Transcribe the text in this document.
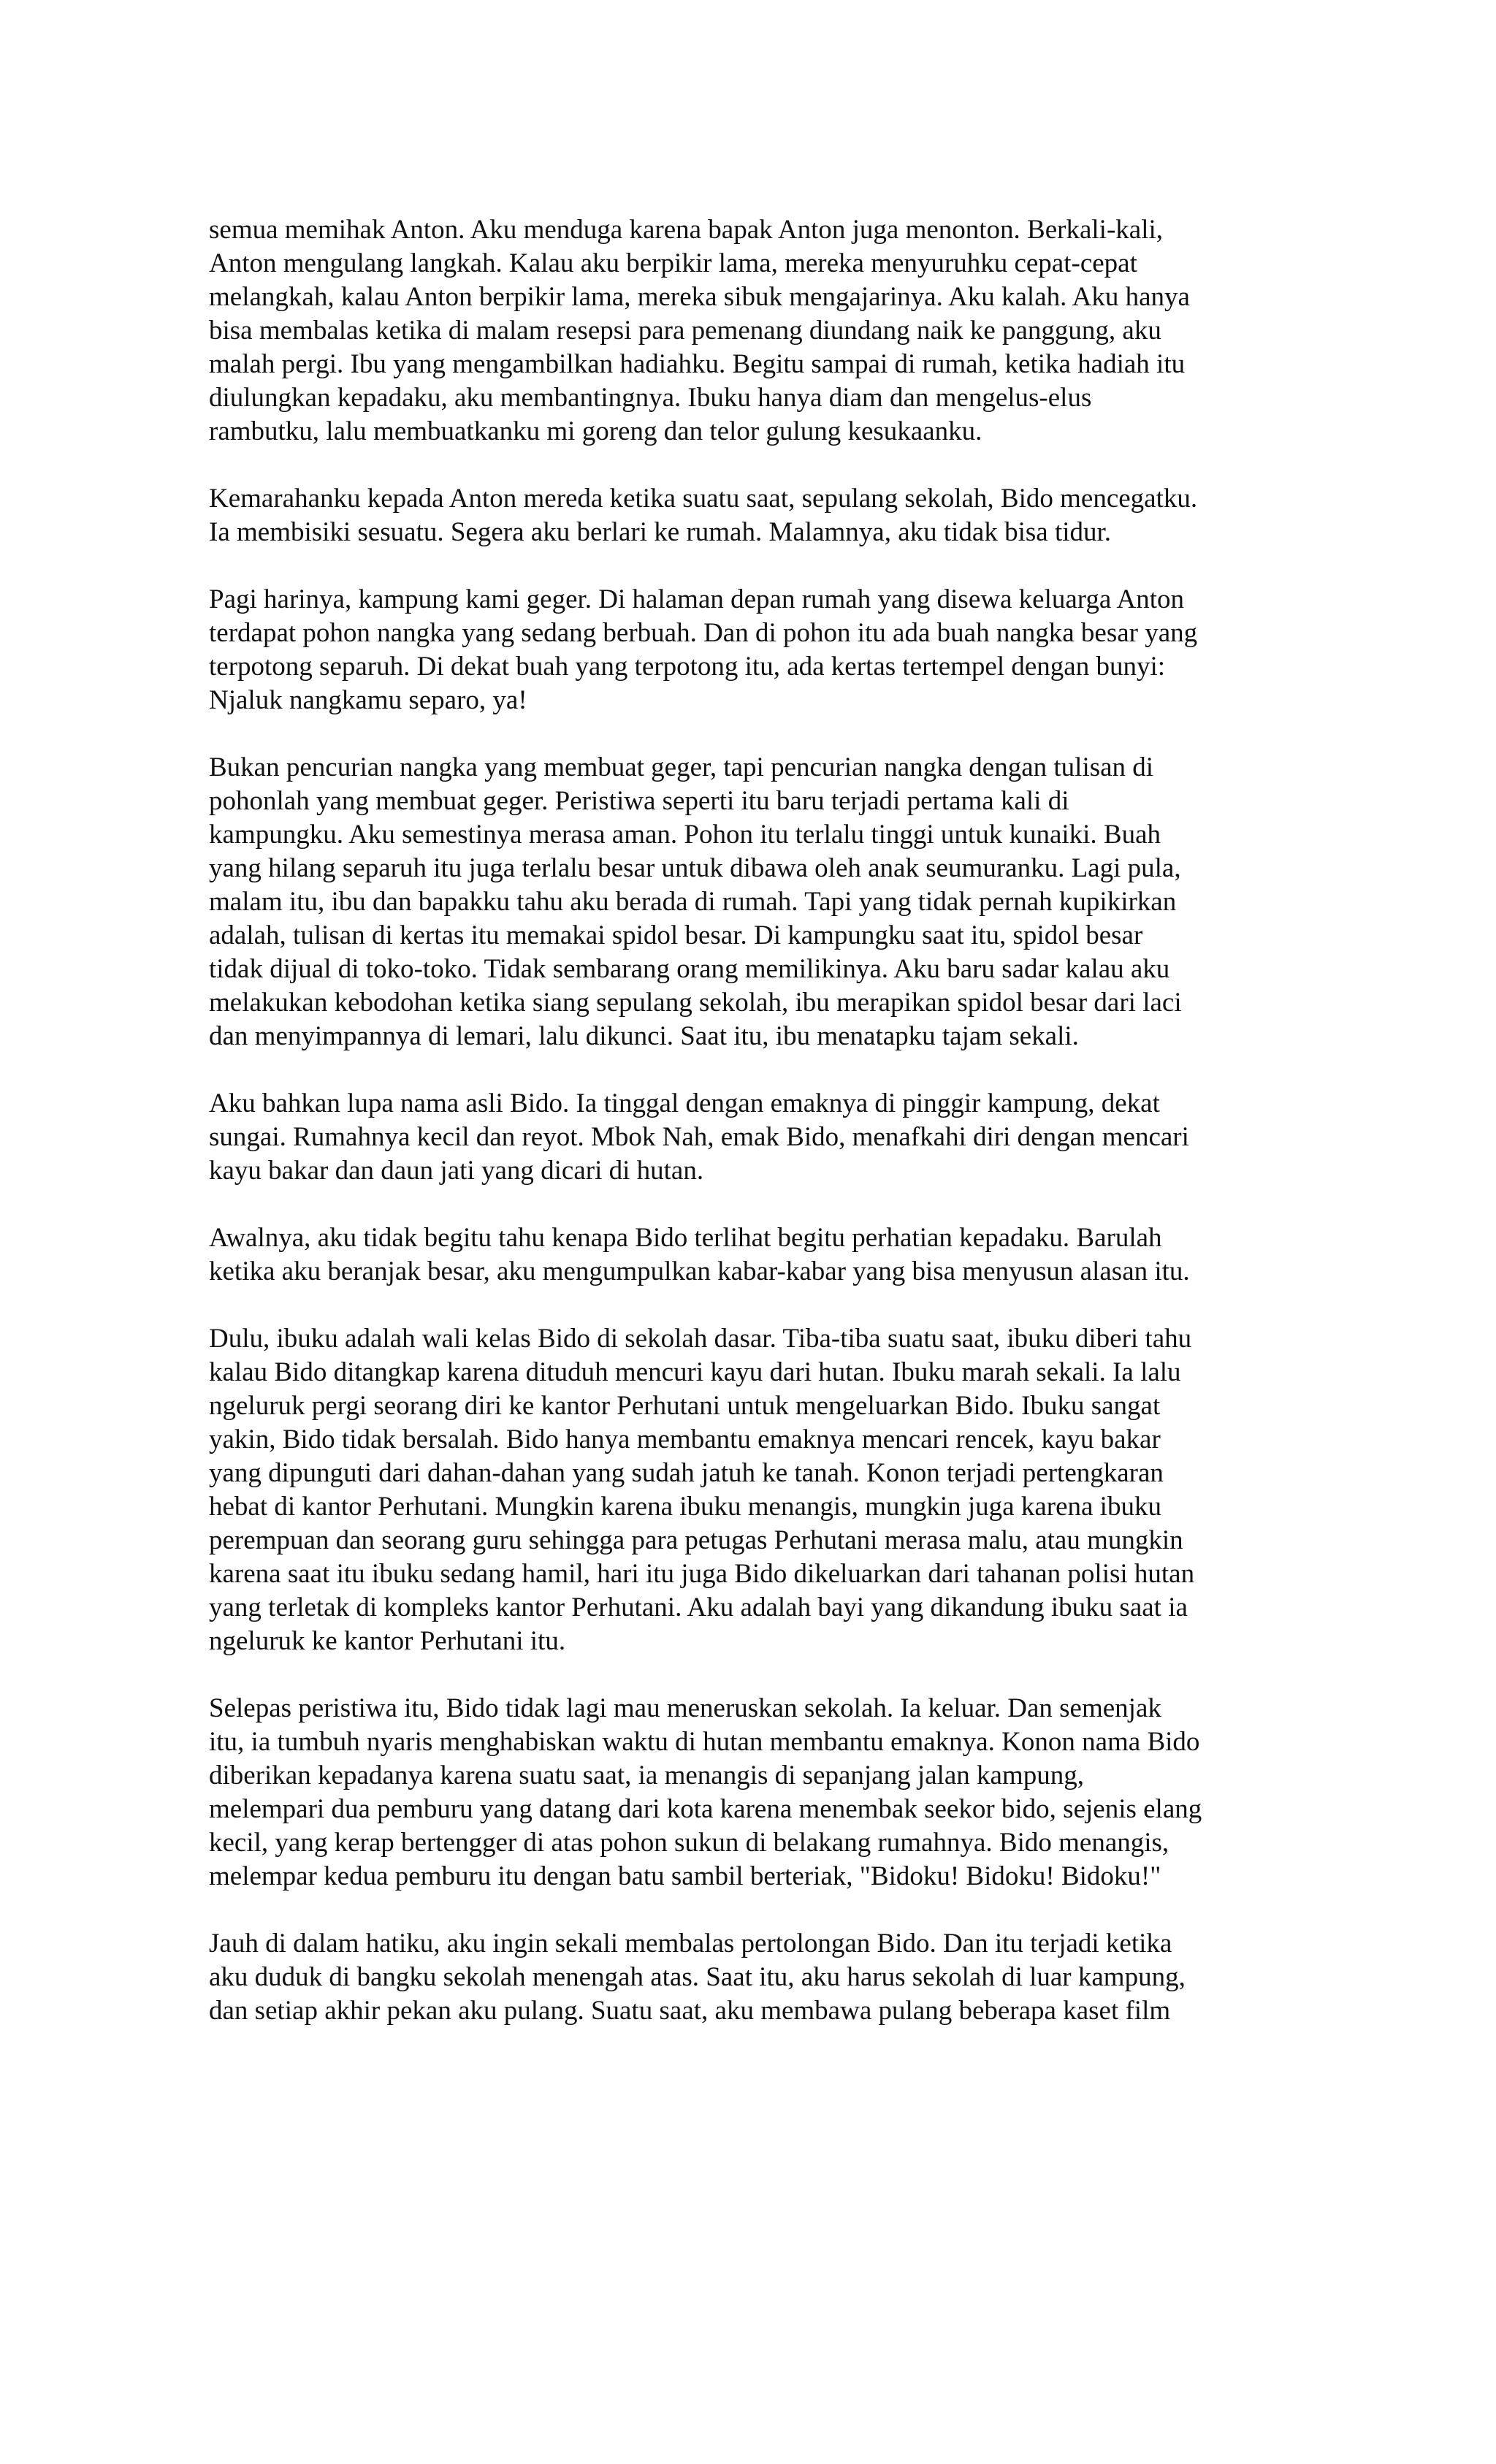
semua memihak Anton. Aku menduga karena bapak Anton juga menonton. Berkali-kali,
Anton mengulang langkah. Kalau aku berpikir lama, mereka menyuruhku cepat-cepat
melangkah, kalau Anton berpikir lama, mereka sibuk mengajarinya. Aku kalah. Aku hanya
bisa membalas ketika di malam resepsi para pemenang diundang naik ke panggung, aku
malah pergi. Ibu yang mengambilkan hadiahku. Begitu sampai di rumah, ketika hadiah itu
diulungkan kepadaku, aku membantingnya. Ibuku hanya diam dan mengelus-elus
rambutku, lalu membuatkanku mi goreng dan telor gulung kesukaanku.

Kemarahanku kepada Anton mereda ketika suatu saat, sepulang sekolah, Bido mencegatku.
Ia membisiki sesuatu. Segera aku berlari ke rumah. Malamnya, aku tidak bisa tidur.

Pagi harinya, kampung kami geger. Di halaman depan rumah yang disewa keluarga Anton
terdapat pohon nangka yang sedang berbuah. Dan di pohon itu ada buah nangka besar yang
terpotong separuh. Di dekat buah yang terpotong itu, ada kertas tertempel dengan bunyi:
Njaluk nangkamu separo, ya!

Bukan pencurian nangka yang membuat geger, tapi pencurian nangka dengan tulisan di
pohonlah yang membuat geger. Peristiwa seperti itu baru terjadi pertama kali di
kampungku. Aku semestinya merasa aman. Pohon itu terlalu tinggi untuk kunaiki. Buah
yang hilang separuh itu juga terlalu besar untuk dibawa oleh anak seumuranku. Lagi pula,
malam itu, ibu dan bapakku tahu aku berada di rumah. Tapi yang tidak pernah kupikirkan
adalah, tulisan di kertas itu memakai spidol besar. Di kampungku saat itu, spidol besar
tidak dijual di toko-toko. Tidak sembarang orang memilikinya. Aku baru sadar kalau aku
melakukan kebodohan ketika siang sepulang sekolah, ibu merapikan spidol besar dari laci
dan menyimpannya di lemari, lalu dikunci. Saat itu, ibu menatapku tajam sekali.

Aku bahkan lupa nama asli Bido. Ia tinggal dengan emaknya di pinggir kampung, dekat
sungai. Rumahnya kecil dan reyot. Mbok Nah, emak Bido, menafkahi diri dengan mencari
kayu bakar dan daun jati yang dicari di hutan.

Awalnya, aku tidak begitu tahu kenapa Bido terlihat begitu perhatian kepadaku. Barulah
ketika aku beranjak besar, aku mengumpulkan kabar-kabar yang bisa menyusun alasan itu.

Dulu, ibuku adalah wali kelas Bido di sekolah dasar. Tiba-tiba suatu saat, ibuku diberi tahu
kalau Bido ditangkap karena dituduh mencuri kayu dari hutan. Ibuku marah sekali. Ia lalu
ngeluruk pergi seorang diri ke kantor Perhutani untuk mengeluarkan Bido. Ibuku sangat
yakin, Bido tidak bersalah. Bido hanya membantu emaknya mencari rencek, kayu bakar
yang dipunguti dari dahan-dahan yang sudah jatuh ke tanah. Konon terjadi pertengkaran
hebat di kantor Perhutani. Mungkin karena ibuku menangis, mungkin juga karena ibuku
perempuan dan seorang guru sehingga para petugas Perhutani merasa malu, atau mungkin
karena saat itu ibuku sedang hamil, hari itu juga Bido dikeluarkan dari tahanan polisi hutan
yang terletak di kompleks kantor Perhutani. Aku adalah bayi yang dikandung ibuku saat ia
ngeluruk ke kantor Perhutani itu.

Selepas peristiwa itu, Bido tidak lagi mau meneruskan sekolah. Ia keluar. Dan semenjak
itu, ia tumbuh nyaris menghabiskan waktu di hutan membantu emaknya. Konon nama Bido
diberikan kepadanya karena suatu saat, ia menangis di sepanjang jalan kampung,
melempari dua pemburu yang datang dari kota karena menembak seekor bido, sejenis elang
kecil, yang kerap bertengger di atas pohon sukun di belakang rumahnya. Bido menangis,
melempar kedua pemburu itu dengan batu sambil berteriak, "Bidoku! Bidoku! Bidoku!"

Jauh di dalam hatiku, aku ingin sekali membalas pertolongan Bido. Dan itu terjadi ketika
aku duduk di bangku sekolah menengah atas. Saat itu, aku harus sekolah di luar kampung,
dan setiap akhir pekan aku pulang. Suatu saat, aku membawa pulang beberapa kaset film
